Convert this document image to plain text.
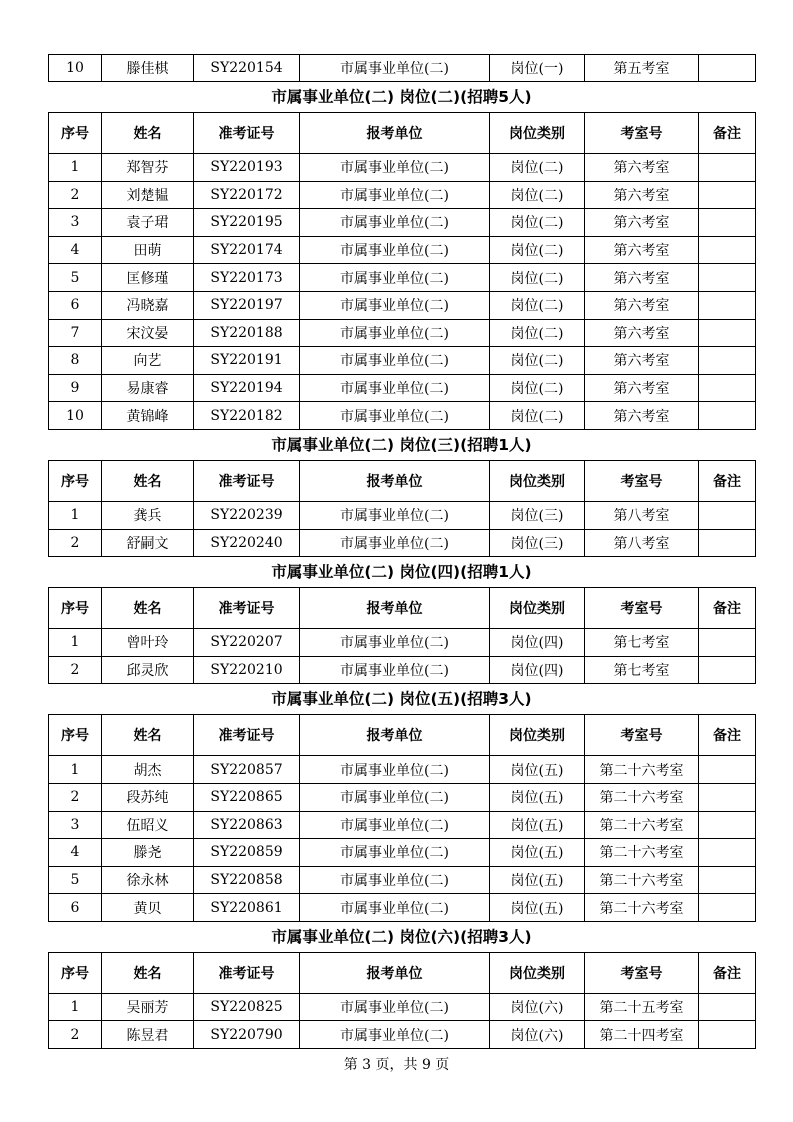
10	滕佳棋	SY220154	市属事业单位(二)	岗位(一)	第五考室	
市属事业单位(二) 岗位(二)(招聘5人)
序号	姓名	准考证号	报考单位	岗位类别	考室号	备注
1	郑智芬	SY220193	市属事业单位(二)	岗位(二)	第六考室	
2	刘楚韫	SY220172	市属事业单位(二)	岗位(二)	第六考室	
3	袁子珺	SY220195	市属事业单位(二)	岗位(二)	第六考室	
4	田萌	SY220174	市属事业单位(二)	岗位(二)	第六考室	
5	匡修瑾	SY220173	市属事业单位(二)	岗位(二)	第六考室	
6	冯晓嘉	SY220197	市属事业单位(二)	岗位(二)	第六考室	
7	宋汶晏	SY220188	市属事业单位(二)	岗位(二)	第六考室	
8	向艺	SY220191	市属事业单位(二)	岗位(二)	第六考室	
9	易康睿	SY220194	市属事业单位(二)	岗位(二)	第六考室	
10	黄锦峰	SY220182	市属事业单位(二)	岗位(二)	第六考室	
市属事业单位(二) 岗位(三)(招聘1人)
序号	姓名	准考证号	报考单位	岗位类别	考室号	备注
1	龚兵	SY220239	市属事业单位(二)	岗位(三)	第八考室	
2	舒嗣文	SY220240	市属事业单位(二)	岗位(三)	第八考室	
市属事业单位(二) 岗位(四)(招聘1人)
序号	姓名	准考证号	报考单位	岗位类别	考室号	备注
1	曾叶玲	SY220207	市属事业单位(二)	岗位(四)	第七考室	
2	邱灵欣	SY220210	市属事业单位(二)	岗位(四)	第七考室	
市属事业单位(二) 岗位(五)(招聘3人)
序号	姓名	准考证号	报考单位	岗位类别	考室号	备注
1	胡杰	SY220857	市属事业单位(二)	岗位(五)	第二十六考室	
2	段苏纯	SY220865	市属事业单位(二)	岗位(五)	第二十六考室	
3	伍昭义	SY220863	市属事业单位(二)	岗位(五)	第二十六考室	
4	滕尧	SY220859	市属事业单位(二)	岗位(五)	第二十六考室	
5	徐永林	SY220858	市属事业单位(二)	岗位(五)	第二十六考室	
6	黄贝	SY220861	市属事业单位(二)	岗位(五)	第二十六考室	
市属事业单位(二) 岗位(六)(招聘3人)
序号	姓名	准考证号	报考单位	岗位类别	考室号	备注
1	吴丽芳	SY220825	市属事业单位(二)	岗位(六)	第二十五考室	
2	陈昱君	SY220790	市属事业单位(二)	岗位(六)	第二十四考室	
第 3 页，共 9 页
